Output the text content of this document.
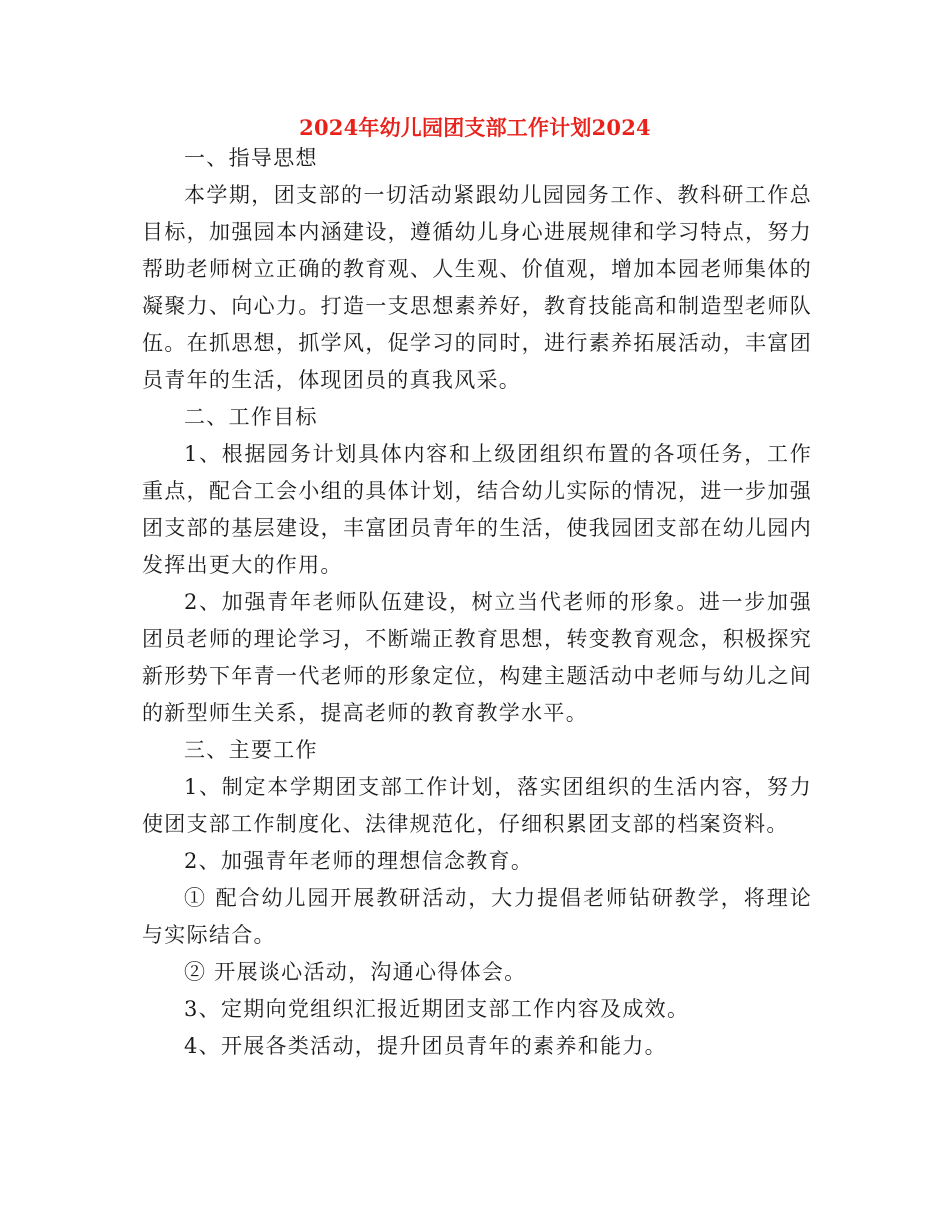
2024年幼儿园团支部工作计划2024

一、指导思想

本学期，团支部的一切活动紧跟幼儿园园务工作、教科研工作总目标，加强园本内涵建设，遵循幼儿身心进展规律和学习特点，努力帮助老师树立正确的教育观、人生观、价值观，增加本园老师集体的凝聚力、向心力。打造一支思想素养好，教育技能高和制造型老师队伍。在抓思想，抓学风，促学习的同时，进行素养拓展活动，丰富团员青年的生活，体现团员的真我风采。

二、工作目标

1、根据园务计划具体内容和上级团组织布置的各项任务，工作重点，配合工会小组的具体计划，结合幼儿实际的情况，进一步加强团支部的基层建设，丰富团员青年的生活，使我园团支部在幼儿园内发挥出更大的作用。

2、加强青年老师队伍建设，树立当代老师的形象。进一步加强团员老师的理论学习，不断端正教育思想，转变教育观念，积极探究新形势下年青一代老师的形象定位，构建主题活动中老师与幼儿之间的新型师生关系，提高老师的教育教学水平。

三、主要工作

1、制定本学期团支部工作计划，落实团组织的生活内容，努力使团支部工作制度化、法律规范化，仔细积累团支部的档案资料。

2、加强青年老师的理想信念教育。

① 配合幼儿园开展教研活动，大力提倡老师钻研教学，将理论与实际结合。

② 开展谈心活动，沟通心得体会。

3、定期向党组织汇报近期团支部工作内容及成效。

4、开展各类活动，提升团员青年的素养和能力。
